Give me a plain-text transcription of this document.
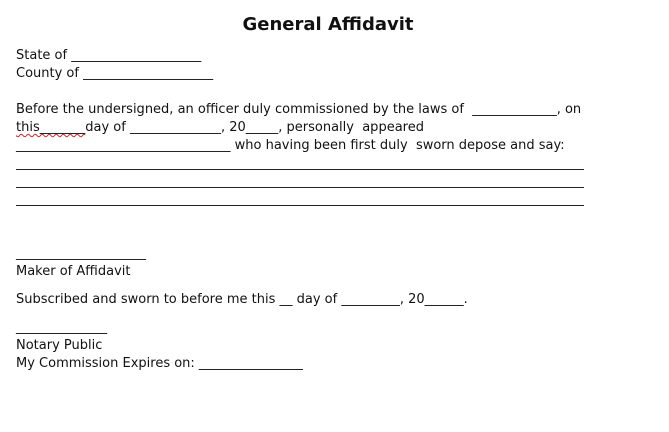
General Affidavit
State of ____________________
County of ____________________
Before the undersigned, an officer duly commissioned by the laws of  _____________, on
this_______day of ______________, 20_____, personally  appeared
_________________________________ who having been first duly  sworn depose and say:
____________________
Maker of Affidavit
Subscribed and sworn to before me this __ day of _________, 20______.
______________
Notary Public
My Commission Expires on: ________________
